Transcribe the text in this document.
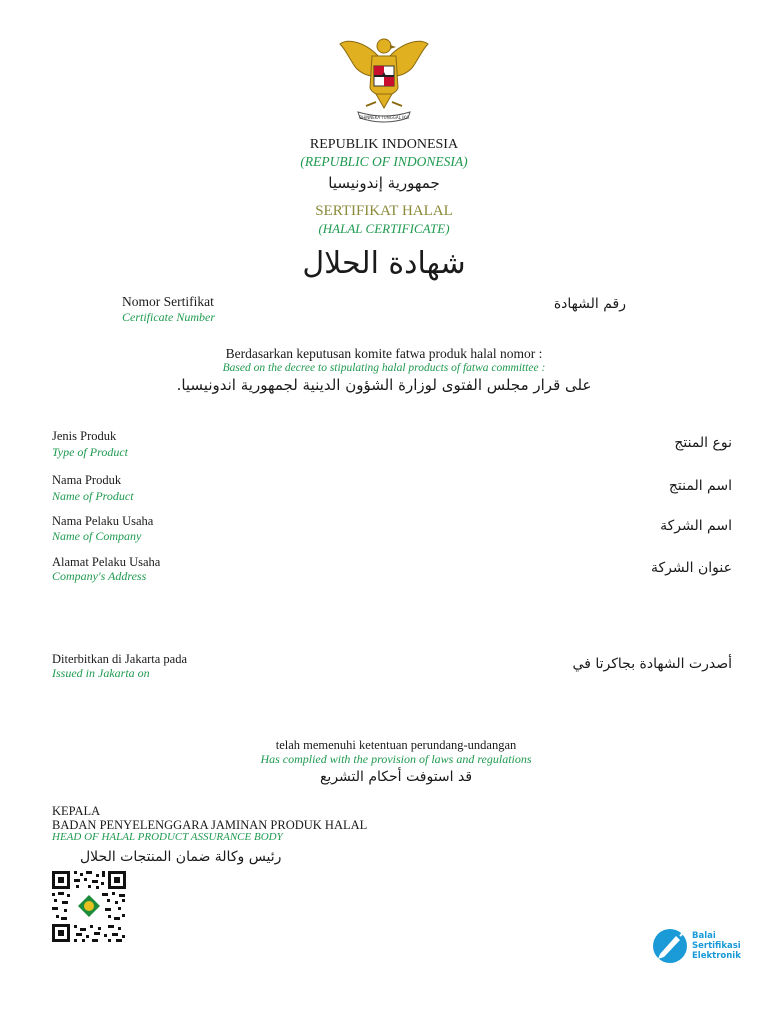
BHINNEKA TUNGGAL IKA
REPUBLIK INDONESIA
(REPUBLIC OF INDONESIA)
جمهورية إندونيسيا
SERTIFIKAT HALAL
(HALAL CERTIFICATE)
شهادة الحلال
Nomor Sertifikat
Certificate Number
رقم الشهادة
Berdasarkan keputusan komite fatwa produk halal nomor :
Based on the decree to stipulating halal products of fatwa committee :
على قرار مجلس الفتوى لوزارة الشؤون الدينية لجمهورية اندونيسيا.
Jenis Produk
Type of Product
نوع المنتج
Nama Produk
Name of Product
اسم المنتج
Nama Pelaku Usaha
Name of Company
اسم الشركة
Alamat Pelaku Usaha
Company's Address	عنوان الشركة
Diterbitkan di Jakarta pada
Issued in Jakarta on
أصدرت الشهادة بجاكرتا في
telah memenuhi ketentuan perundang-undangan
Has complied with the provision of laws and regulations
قد استوفت أحكام التشريع
KEPALA
BADAN PENYELENGGARA JAMINAN PRODUK HALAL
HEAD OF HALAL PRODUCT ASSURANCE BODY
رئيس وكالة ضمان المنتجات الحلال
Balai
Sertifikasi
Elektronik
